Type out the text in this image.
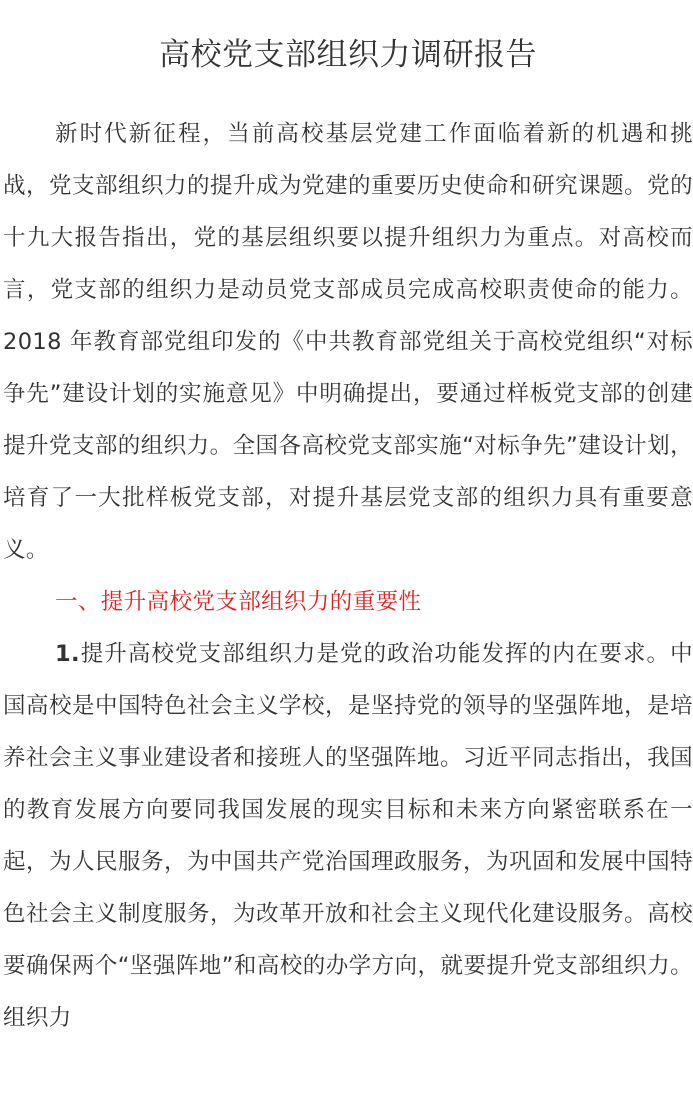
高校党支部组织力调研报告

新时代新征程，当前高校基层党建工作面临着新的机遇和挑战，党支部组织力的提升成为党建的重要历史使命和研究课题。党的十九大报告指出，党的基层组织要以提升组织力为重点。对高校而言，党支部的组织力是动员党支部成员完成高校职责使命的能力。2018 年教育部党组印发的《中共教育部党组关于高校党组织“对标争先”建设计划的实施意见》中明确提出，要通过样板党支部的创建提升党支部的组织力。全国各高校党支部实施“对标争先”建设计划，培育了一大批样板党支部，对提升基层党支部的组织力具有重要意义。

一、提升高校党支部组织力的重要性

1.提升高校党支部组织力是党的政治功能发挥的内在要求。中国高校是中国特色社会主义学校，是坚持党的领导的坚强阵地，是培养社会主义事业建设者和接班人的坚强阵地。习近平同志指出，我国的教育发展方向要同我国发展的现实目标和未来方向紧密联系在一起，为人民服务，为中国共产党治国理政服务，为巩固和发展中国特色社会主义制度服务，为改革开放和社会主义现代化建设服务。高校要确保两个“坚强阵地”和高校的办学方向，就要提升党支部组织力。组织力
